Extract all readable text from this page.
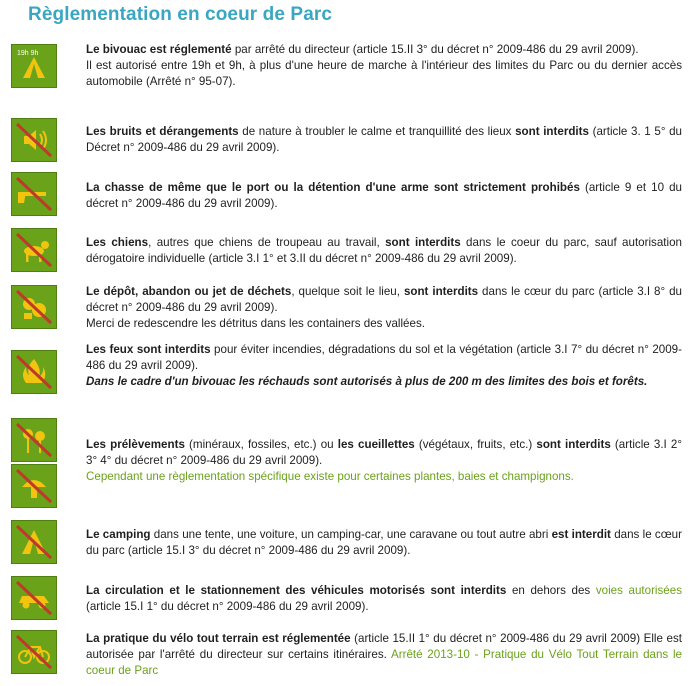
Règlementation en coeur de Parc
19h 9h	Le bivouac est réglementé par arrêté du directeur (article 15.II 3° du décret n° 2009-486 du 29 avril 2009).
Il est autorisé entre 19h et 9h, à plus d'une heure de marche à l'intérieur des limites du Parc ou du dernier accès automobile (Arrêté n° 95-07).
Les bruits et dérangements de nature à troubler le calme et tranquillité des lieux sont interdits (article 3. 1 5° du Décret n° 2009-486 du 29 avril 2009).
La chasse de même que le port ou la détention d'une arme sont strictement prohibés (article 9 et 10 du décret n° 2009-486 du 29 avril 2009).
Les chiens, autres que chiens de troupeau au travail, sont interdits dans le coeur du parc, sauf autorisation dérogatoire individuelle (article 3.I 1° et 3.II du décret n° 2009-486 du 29 avril 2009).
Le dépôt, abandon ou jet de déchets, quelque soit le lieu, sont interdits dans le cœur du parc (article 3.I 8° du décret n° 2009-486 du 29 avril 2009).
Merci de redescendre les détritus dans les containers des vallées.
Les feux sont interdits pour éviter incendies, dégradations du sol et la végétation (article 3.I 7° du décret n° 2009-486 du 29 avril 2009).
Dans le cadre d'un bivouac les réchauds sont autorisés à plus de 200 m des limites des bois et forêts.
Les prélèvements (minéraux, fossiles, etc.) ou les cueillettes (végétaux, fruits, etc.) sont interdits (article 3.I 2° 3° 4° du décret n° 2009-486 du 29 avril 2009).
Cependant une règlementation spécifique existe pour certaines plantes, baies et champignons.
Le camping dans une tente, une voiture, un camping-car, une caravane ou tout autre abri est interdit dans le cœur du parc (article 15.I 3° du décret n° 2009-486 du 29 avril 2009).
La circulation et le stationnement des véhicules motorisés sont interdits en dehors des voies autorisées (article 15.I 1° du décret n° 2009-486 du 29 avril 2009).
La pratique du vélo tout terrain est réglementée (article 15.II 1° du décret n° 2009-486 du 29 avril 2009) Elle est autorisée par l'arrêté du directeur sur certains itinéraires. Arrêté 2013-10 - Pratique du Vélo Tout Terrain dans le coeur de Parc
